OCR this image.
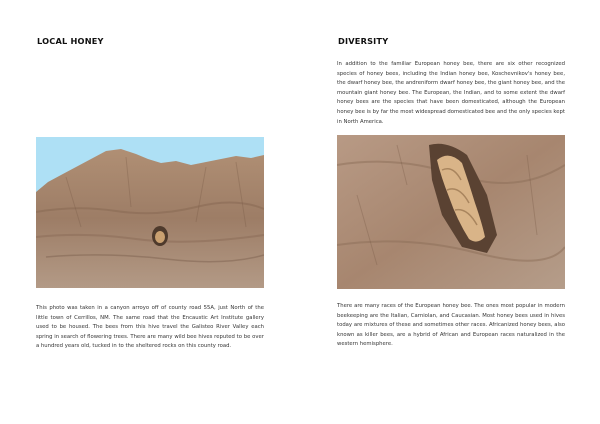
LOCAL HONEY

This photo was taken in a canyon arroyo off of county road 55A, just North of the little town of Cerrillos, NM. The same road that the Encaustic Art Institute gallery used to be housed. The bees from this hive travel the Galisteo River Valley each spring in search of flowering trees. There are many wild bee hives reputed to be over a hundred years old, tucked in to the sheltered rocks on this county road.

DIVERSITY

In addition to the familiar European honey bee, there are six other recognized species of honey bees, including the Indian honey bee, Koschevnikov's honey bee, the dwarf honey bee, the andreniform dwarf honey bee, the giant honey bee, and the mountain giant honey bee. The European, the Indian, and to some extent the dwarf honey bees are the species that have been domesticated, although the European honey bee is by far the most widespread domesticated bee and the only species kept in North America.

There are many races of the European honey bee. The ones most popular in modern beekeeping are the Italian, Carniolan, and Caucasian. Most honey bees used in hives today are mixtures of these and sometimes other races. Africanized honey bees, also known as killer bees, are a hybrid of African and European races naturalized in the western hemisphere.
